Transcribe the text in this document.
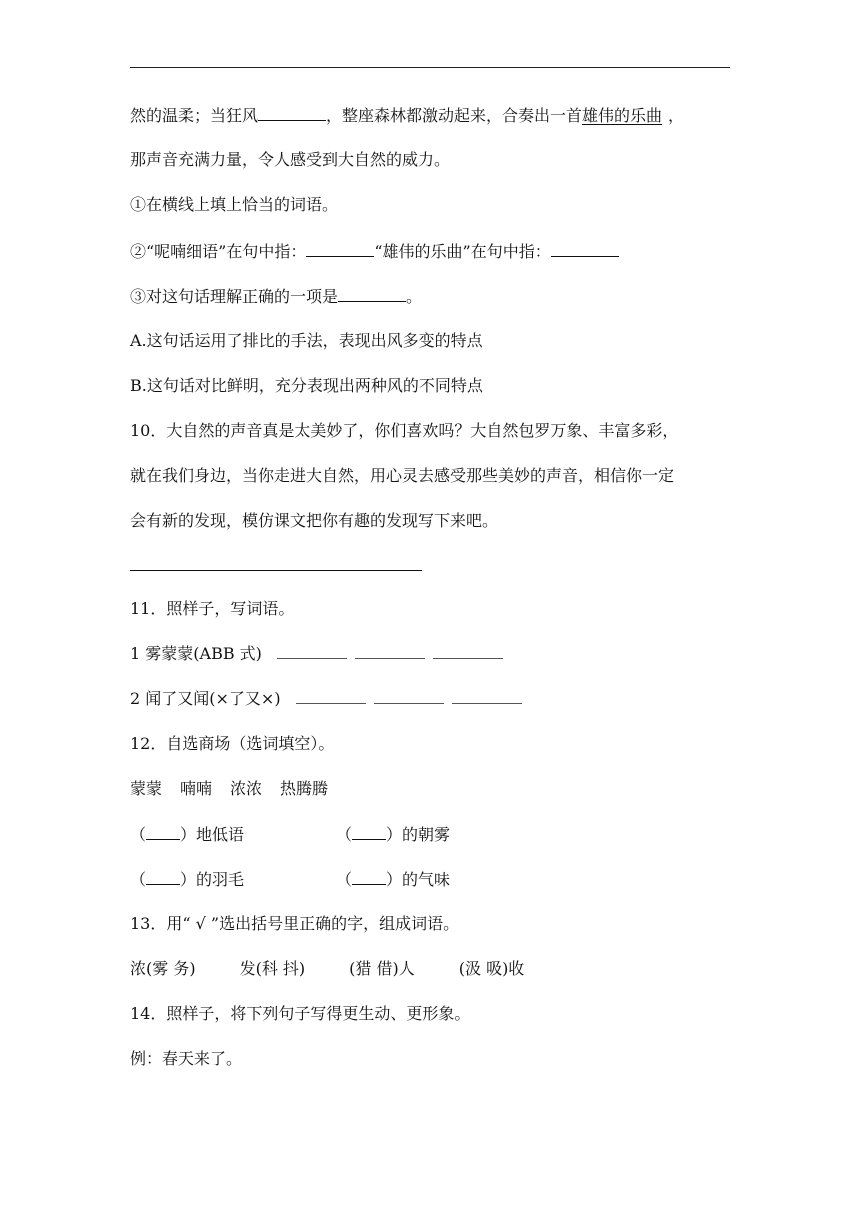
然的温柔；当狂风	，整座森林都激动起来，合奏出一首雄伟的乐曲 ，
那声音充满力量，令人感受到大自然的威力。
①在横线上填上恰当的词语。
②“呢喃细语”在句中指：	“雄伟的乐曲”在句中指：
③对这句话理解正确的一项是	。
A.这句话运用了排比的手法，表现出风多变的特点
B.这句话对比鲜明，充分表现出两种风的不同特点
10．大自然的声音真是太美妙了，你们喜欢吗？大自然包罗万象、丰富多彩，
就在我们身边，当你走进大自然，用心灵去感受那些美妙的声音，相信你一定
会有新的发现，模仿课文把你有趣的发现写下来吧。
11．照样子，写词语。
1 雾蒙蒙(ABB 式)
2 闻了又闻(×了又×)
12．自选商场（选词填空）。
蒙蒙 喃喃 浓浓 热腾腾
（ ）地低语	（ ）的朝雾
（ ）的羽毛	（ ）的气味
13．用“ √ ”选出括号里正确的字，组成词语。
浓(雾 务)	发(科 抖)	(猎 借)人	(汲 吸)收
14．照样子，将下列句子写得更生动、更形象。
例：春天来了。
